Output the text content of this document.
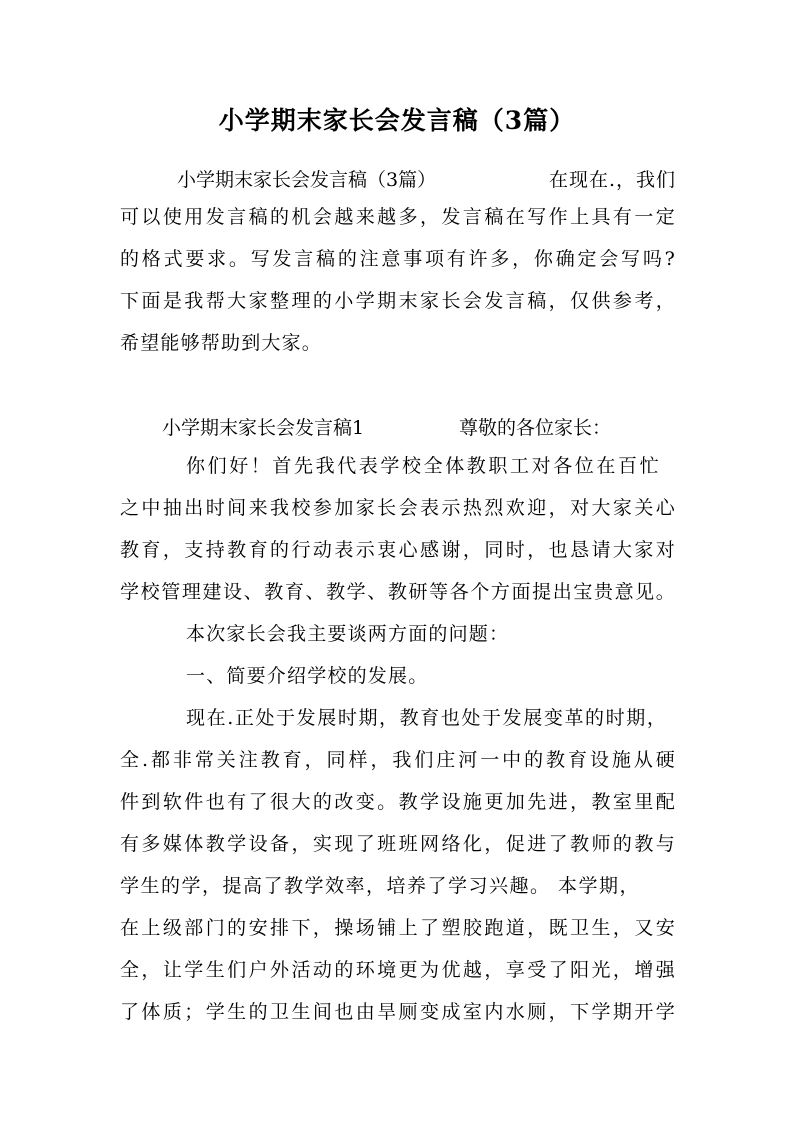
小学期末家长会发言稿（3篇）
小学期末家长会发言稿（3篇）	在现在.，我们
可以使用发言稿的机会越来越多，发言稿在写作上具有一定
的格式要求。写发言稿的注意事项有许多，你确定会写吗?
下面是我帮大家整理的小学期末家长会发言稿，仅供参考，
希望能够帮助到大家。
小学期末家长会发言稿1	尊敬的各位家长：
你们好！首先我代表学校全体教职工对各位在百忙
之中抽出时间来我校参加家长会表示热烈欢迎，对大家关心
教育，支持教育的行动表示衷心感谢，同时，也恳请大家对
学校管理建设、教育、教学、教研等各个方面提出宝贵意见。
本次家长会我主要谈两方面的问题：
一、简要介绍学校的发展。
现在.正处于发展时期，教育也处于发展变革的时期，
全.都非常关注教育，同样，我们庄河一中的教育设施从硬
件到软件也有了很大的改变。教学设施更加先进，教室里配
有多媒体教学设备，实现了班班网络化，促进了教师的教与
学生的学，提高了教学效率，培养了学习兴趣。 本学期，
在上级部门的安排下，操场铺上了塑胶跑道，既卫生，又安
全，让学生们户外活动的环境更为优越，享受了阳光，增强
了体质；学生的卫生间也由旱厕变成室内水厕，下学期开学
